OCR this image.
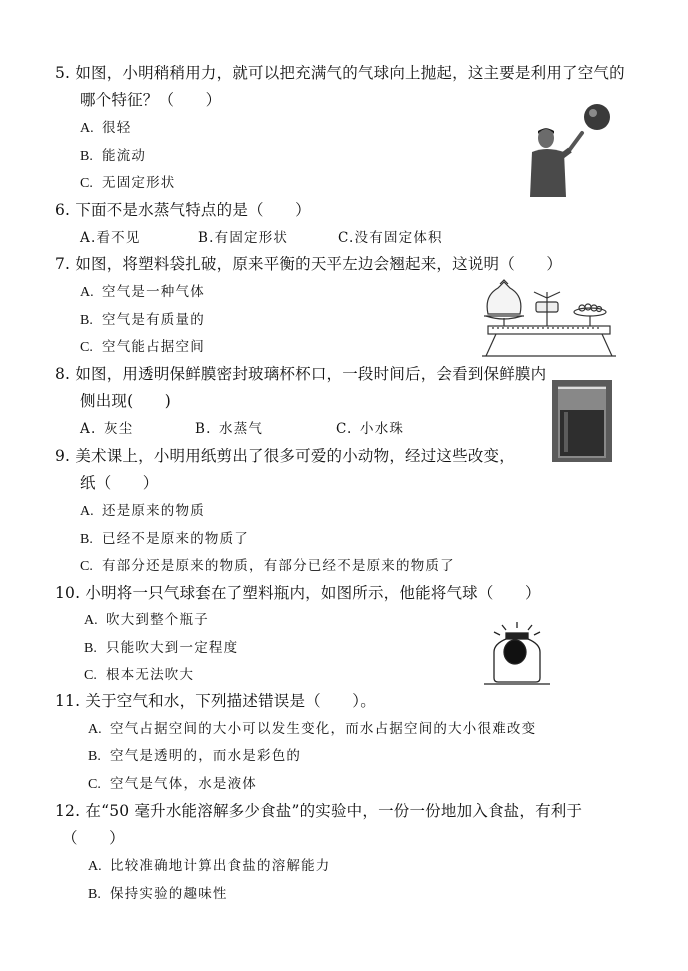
5. 如图，小明稍稍用力，就可以把充满气的气球向上抛起，这主要是利用了空气的
哪个特征？（　　）
A. 很轻
B. 能流动
C. 无固定形状
6. 下面不是水蒸气特点的是（　　）
A.看不见	B.有固定形状	C.没有固定体积
7. 如图，将塑料袋扎破，原来平衡的天平左边会翘起来，这说明（　　）
A. 空气是一种气体
B. 空气是有质量的
C. 空气能占据空间
8. 如图，用透明保鲜膜密封玻璃杯杯口，一段时间后，会看到保鲜膜内
侧出现(　　)
A. 灰尘	B. 水蒸气	C. 小水珠
9. 美术课上，小明用纸剪出了很多可爱的小动物，经过这些改变，
纸（　　）
A. 还是原来的物质
B. 已经不是原来的物质了
C. 有部分还是原来的物质，有部分已经不是原来的物质了
10. 小明将一只气球套在了塑料瓶内，如图所示，他能将气球（　　）
A. 吹大到整个瓶子
B. 只能吹大到一定程度
C. 根本无法吹大
11. 关于空气和水，下列描述错误是（　　）。
A. 空气占据空间的大小可以发生变化，而水占据空间的大小很难改变
B. 空气是透明的，而水是彩色的
C. 空气是气体，水是液体
12. 在“50 毫升水能溶解多少食盐”的实验中，一份一份地加入食盐，有利于
（　　）
A. 比较准确地计算出食盐的溶解能力
B. 保持实验的趣味性
